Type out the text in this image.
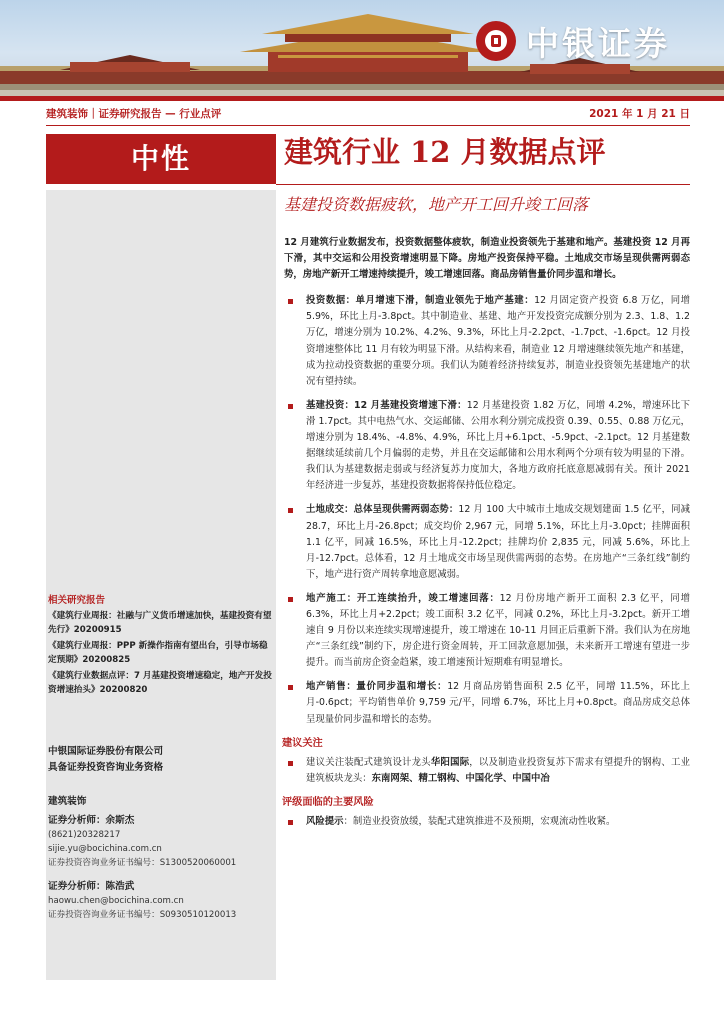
中银证券
建筑装饰｜证券研究报告 — 行业点评	2021 年 1 月 21 日
中性	建筑行业 12 月数据点评
基建投资数据疲软，地产开工回升竣工回落

12 月建筑行业数据发布，投资数据整体疲软，制造业投资领先于基建和地产。基建投资 12 月再下滑，其中交运和公用投资增速明显下降。房地产投资保持平稳。土地成交市场呈现供需两弱态势，房地产新开工增速持续提升，竣工增速回落。商品房销售量价同步温和增长。

投资数据：单月增速下滑，制造业领先于地产基建：12 月固定资产投资 6.8 万亿，同增 5.9%，环比上月-3.8pct。其中制造业、基建、地产开发投资完成额分别为 2.3、1.8、1.2 万亿，增速分别为 10.2%、4.2%、9.3%，环比上月-2.2pct、-1.7pct、-1.6pct。12 月投资增速整体比 11 月有较为明显下滑。从结构来看，制造业 12 月增速继续领先地产和基建，成为拉动投资数据的重要分项。我们认为随着经济持续复苏，制造业投资领先基建地产的状况有望持续。
基建投资：12 月基建投资增速下滑：12 月基建投资 1.82 万亿，同增 4.2%，增速环比下滑 1.7pct。其中电热气水、交运邮储、公用水利分别完成投资 0.39、0.55、0.88 万亿元，增速分别为 18.4%、-4.8%、4.9%，环比上月+6.1pct、-5.9pct、-2.1pct。12 月基建数据继续延续前几个月偏弱的走势，并且在交运邮储和公用水利两个分项有较为明显的下滑。我们认为基建数据走弱或与经济复苏力度加大，各地方政府托底意愿减弱有关。预计 2021 年经济进一步复苏，基建投资数据将保持低位稳定。
土地成交：总体呈现供需两弱态势：12 月 100 大中城市土地成交规划建面 1.5 亿平，同减 28.7，环比上月-26.8pct；成交均价 2,967 元，同增 5.1%，环比上月-3.0pct；挂牌面积 1.1 亿平，同减 16.5%，环比上月-12.2pct；挂牌均价 2,835 元，同减 5.6%，环比上月-12.7pct。总体看，12 月土地成交市场呈现供需两弱的态势。在房地产“三条红线”制约下，地产进行资产周转拿地意愿减弱。
地产施工：开工连续抬升，竣工增速回落：12 月份房地产新开工面积 2.3 亿平，同增 6.3%，环比上月+2.2pct；竣工面积 3.2 亿平，同减 0.2%，环比上月-3.2pct。新开工增速自 9 月份以来连续实现增速提升，竣工增速在 10-11 月回正后重新下滑。我们认为在房地产“三条红线”制约下，房企进行资金周转，开工回款意愿加强，未来新开工增速有望进一步提升。而当前房企资金趋紧，竣工增速预计短期难有明显增长。
地产销售：量价同步温和增长：12 月商品房销售面积 2.5 亿平，同增 11.5%，环比上月-0.6pct；平均销售单价 9,759 元/平，同增 6.7%，环比上月+0.8pct。商品房成交总体呈现量价同步温和增长的态势。
建议关注
建议关注装配式建筑设计龙头华阳国际，以及制造业投资复苏下需求有望提升的钢构、工业建筑板块龙头：东南网架、精工钢构、中国化学、中国中冶
评级面临的主要风险
风险提示：制造业投资放缓，装配式建筑推进不及预期，宏观流动性收紧。
相关研究报告
《建筑行业周报：社融与广义货币增速加快，基建投资有望先行》20200915
《建筑行业周报：PPP 新操作指南有望出台，引导市场稳定预期》20200825
《建筑行业数据点评：7 月基建投资增速稳定，地产开发投资增速抬头》20200820
中银国际证券股份有限公司
具备证券投资咨询业务资格
建筑装饰
证券分析师：余斯杰
(8621)20328217
sijie.yu@bocichina.com.cn
证券投资咨询业务证书编号：S1300520060001
证券分析师：陈浩武
haowu.chen@bocichina.com.cn
证券投资咨询业务证书编号：S0930510120013
